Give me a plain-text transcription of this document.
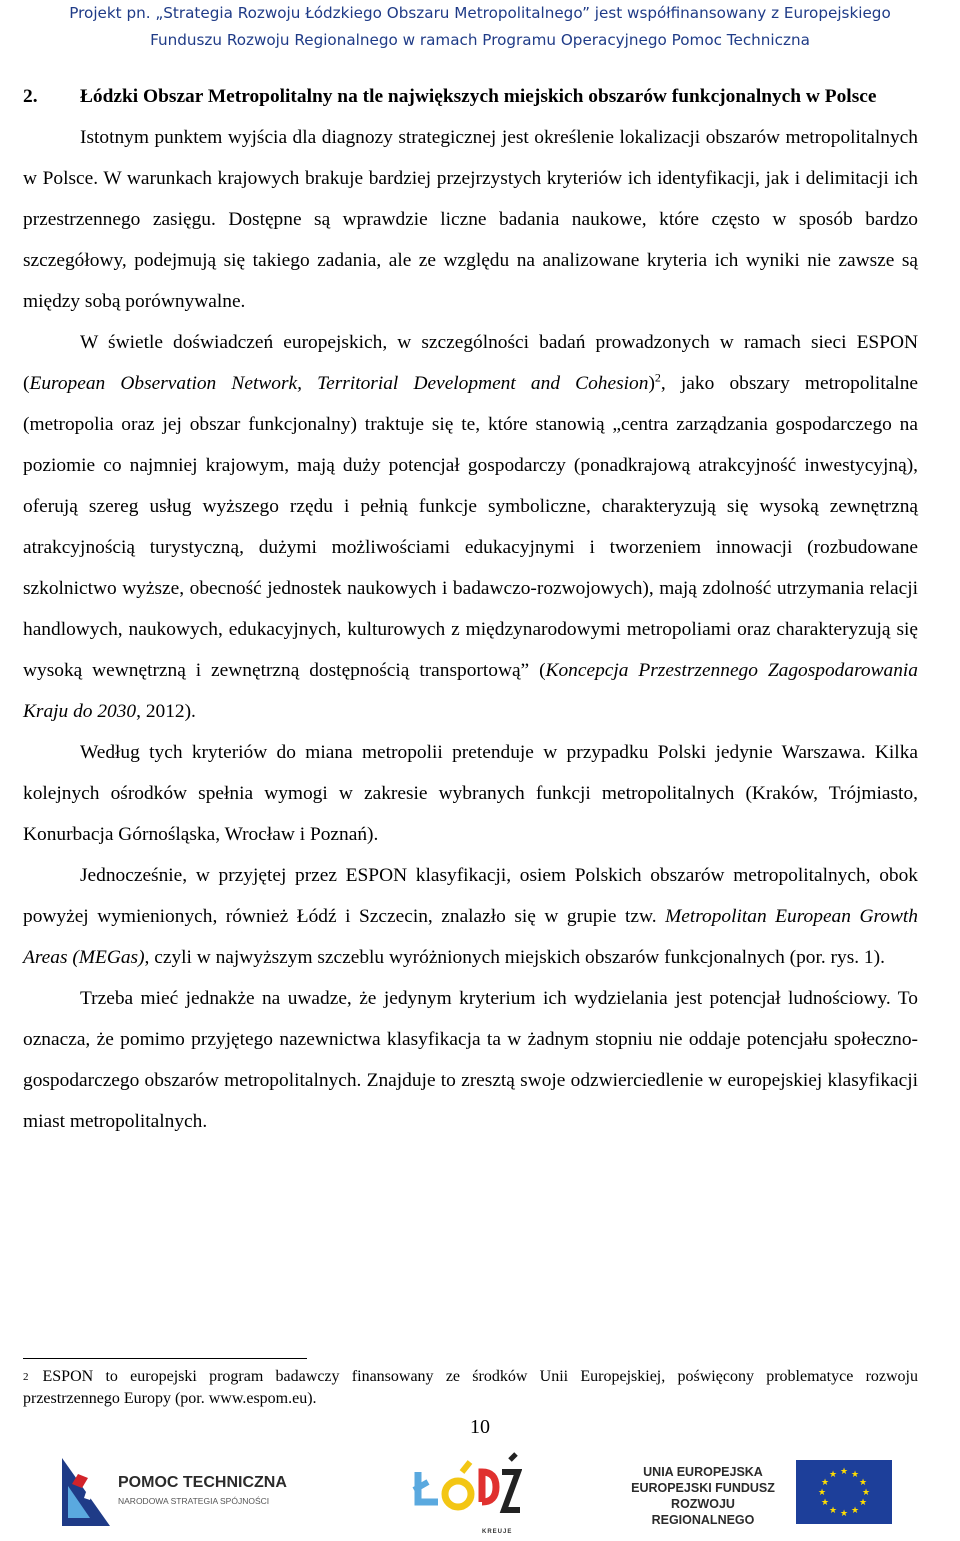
Projekt pn. „Strategia Rozwoju Łódzkiego Obszaru Metropolitalnego” jest współfinansowany z Europejskiego
Funduszu Rozwoju Regionalnego w ramach Programu Operacyjnego Pomoc Techniczna
2.	Łódzki Obszar Metropolitalny na tle największych miejskich obszarów funkcjonalnych w Polsce

Istotnym punktem wyjścia dla diagnozy strategicznej jest określenie lokalizacji obszarów metropolitalnych w Polsce. W warunkach krajowych brakuje bardziej przejrzystych kryteriów ich identyfikacji, jak i delimitacji ich przestrzennego zasięgu. Dostępne są wprawdzie liczne badania naukowe, które często w sposób bardzo szczegółowy, podejmują się takiego zadania, ale ze względu na analizowane kryteria ich wyniki nie zawsze są między sobą porównywalne.

W świetle doświadczeń europejskich, w szczególności badań prowadzonych w ramach sieci ESPON (European Observation Network, Territorial Development and Cohesion)$^2$, jako obszary metropolitalne (metropolia oraz jej obszar funkcjonalny) traktuje się te, które stanowią „centra zarządzania gospodarczego na poziomie co najmniej krajowym, mają duży potencjał gospodarczy (ponadkrajową atrakcyjność inwestycyjną), oferują szereg usług wyższego rzędu i pełnią funkcje symboliczne, charakteryzują się wysoką zewnętrzną atrakcyjnością turystyczną, dużymi możliwościami edukacyjnymi i tworzeniem innowacji (rozbudowane szkolnictwo wyższe, obecność jednostek naukowych i badawczo-rozwojowych), mają zdolność utrzymania relacji handlowych, naukowych, edukacyjnych, kulturowych z międzynarodowymi metropoliami oraz charakteryzują się wysoką wewnętrzną i zewnętrzną dostępnością transportową” (Koncepcja Przestrzennego Zagospodarowania Kraju do 2030, 2012).

Według tych kryteriów do miana metropolii pretenduje w przypadku Polski jedynie Warszawa. Kilka kolejnych ośrodków spełnia wymogi w zakresie wybranych funkcji metropolitalnych (Kraków, Trójmiasto, Konurbacja Górnośląska, Wrocław i Poznań).

Jednocześnie, w przyjętej przez ESPON klasyfikacji, osiem Polskich obszarów metropolitalnych, obok powyżej wymienionych, również Łódź i Szczecin, znalazło się w grupie tzw. Metropolitan European Growth Areas (MEGas), czyli w najwyższym szczeblu wyróżnionych miejskich obszarów funkcjonalnych (por. rys. 1).

Trzeba mieć jednakże na uwadze, że jedynym kryterium ich wydzielania jest potencjał ludnościowy. To oznacza, że pomimo przyjętego nazewnictwa klasyfikacja ta w żadnym stopniu nie oddaje potencjału społeczno-gospodarczego obszarów metropolitalnych. Znajduje to zresztą swoje odzwierciedlenie w europejskiej klasyfikacji miast metropolitalnych.

$^2$ ESPON to europejski program badawczy finansowany ze środków Unii Europejskiej, poświęcony problematyce rozwoju przestrzennego Europy (por. www.espom.eu).
10
POMOC TECHNICZNA
NARODOWA STRATEGIA SPÓJNOŚCI
KREUJE
UNIA EUROPEJSKA
EUROPEJSKI FUNDUSZ
ROZWOJU REGIONALNEGO
★ ★
★
★
★
★
★
★
★
★
★
★
